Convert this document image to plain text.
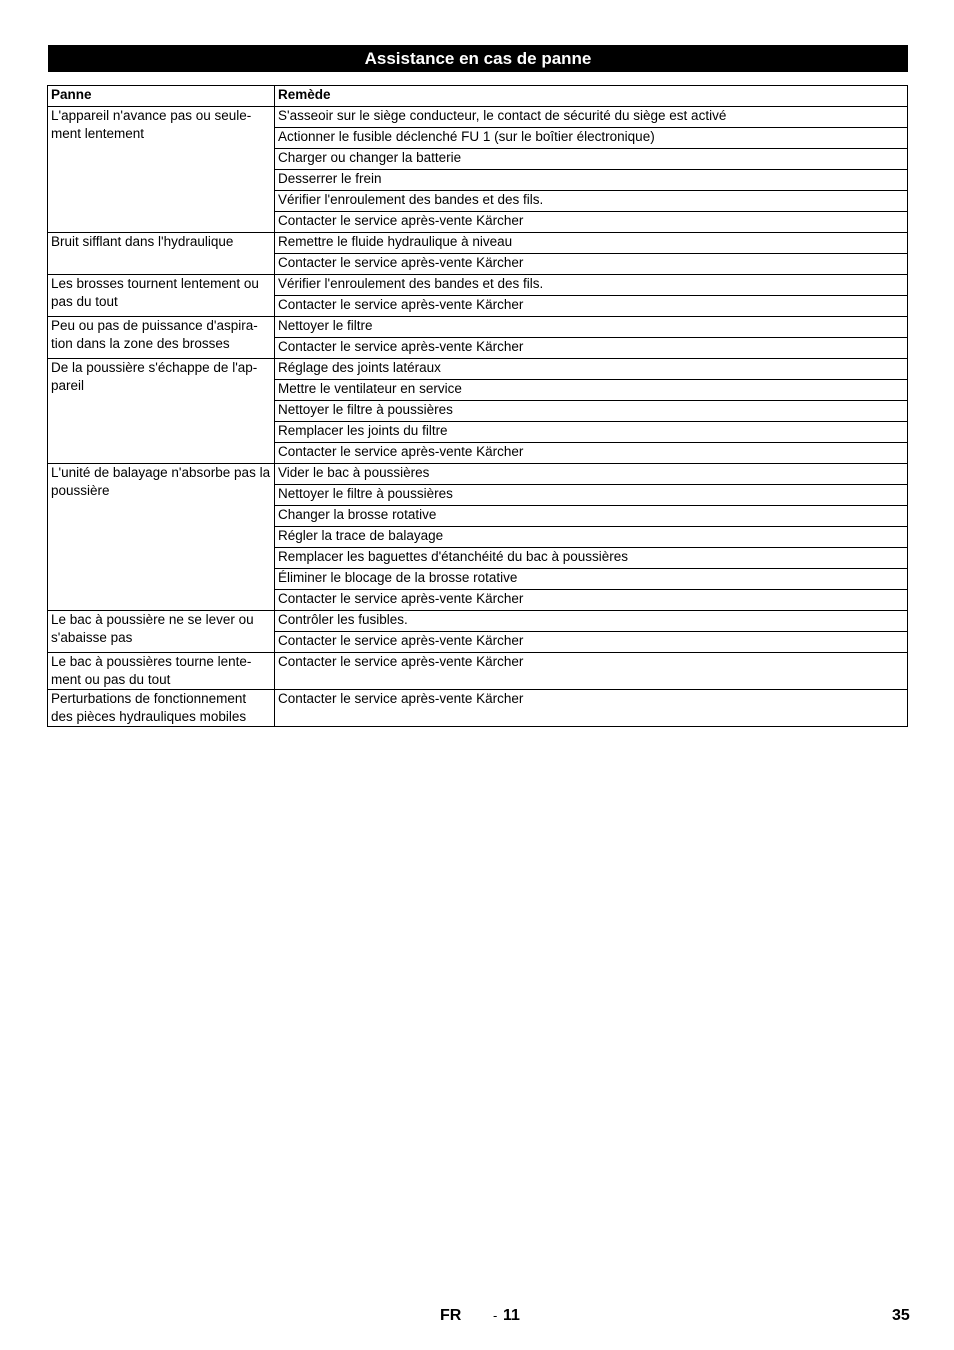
Assistance en cas de panne
Panne	Remède
L'appareil n'avance pas ou seule-ment lentement	S'asseoir sur le siège conducteur, le contact de sécurité du siège est activé
	Actionner le fusible déclenché FU 1 (sur le boîtier électronique)
	Charger ou changer la batterie
	Desserrer le frein
	Vérifier l'enroulement des bandes et des fils.
	Contacter le service après-vente Kärcher
Bruit sifflant dans l'hydraulique	Remettre le fluide hydraulique à niveau
	Contacter le service après-vente Kärcher
Les brosses tournent lentement ou pas du tout	Vérifier l'enroulement des bandes et des fils.
	Contacter le service après-vente Kärcher
Peu ou pas de puissance d'aspira-tion dans la zone des brosses	Nettoyer le filtre
	Contacter le service après-vente Kärcher
De la poussière s'échappe de l'ap-pareil	Réglage des joints latéraux
	Mettre le ventilateur en service
	Nettoyer le filtre à poussières
	Remplacer les joints du filtre
	Contacter le service après-vente Kärcher
L'unité de balayage n'absorbe pas la poussière	Vider le bac à poussières
	Nettoyer le filtre à poussières
	Changer la brosse rotative
	Régler la trace de balayage
	Remplacer les baguettes d'étanchéité du bac à poussières
	Éliminer le blocage de la brosse rotative
	Contacter le service après-vente Kärcher
Le bac à poussière ne se lever ou s'abaisse pas	Contrôler les fusibles.
	Contacter le service après-vente Kärcher
Le bac à poussières tourne lente-ment ou pas du tout	Contacter le service après-vente Kärcher
Perturbations de fonctionnement des pièces hydrauliques mobiles	Contacter le service après-vente Kärcher
FR - 11	35
